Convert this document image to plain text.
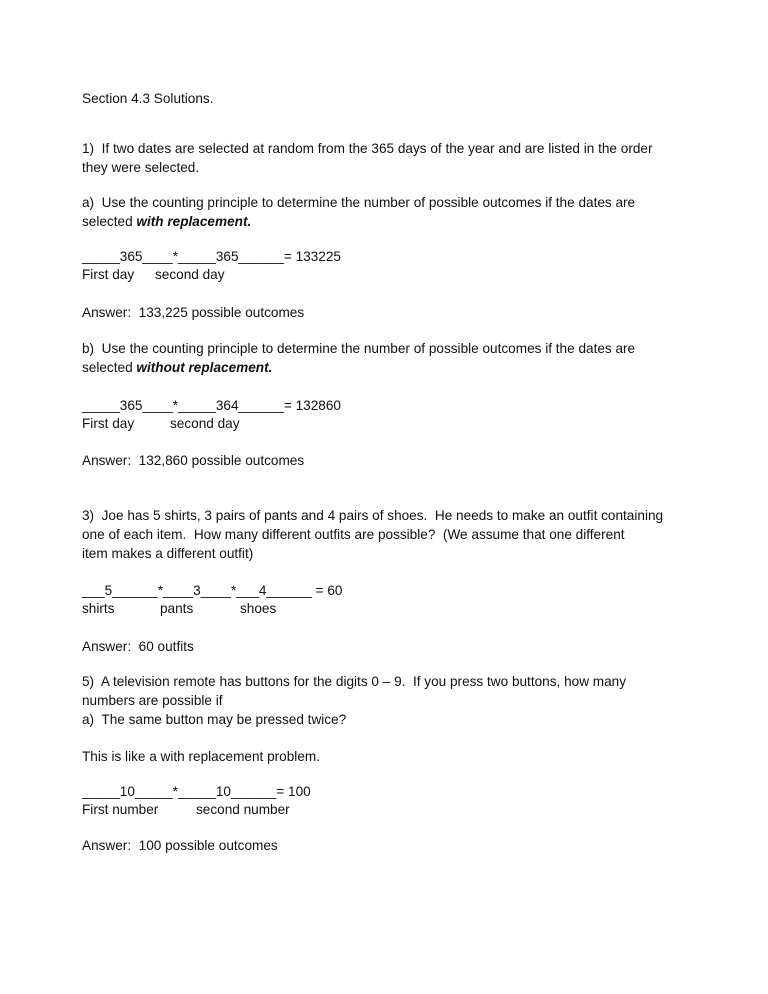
Section 4.3 Solutions.
1)  If two dates are selected at random from the 365 days of the year and are listed in the order
they were selected.
a)  Use the counting principle to determine the number of possible outcomes if the dates are
selected with replacement.
_____365____*_____365______= 133225
First day second day
Answer:  133,225 possible outcomes
b)  Use the counting principle to determine the number of possible outcomes if the dates are
selected without replacement.
_____365____*_____364______= 132860
First day	second day
Answer:  132,860 possible outcomes
3)  Joe has 5 shirts, 3 pairs of pants and 4 pairs of shoes.  He needs to make an outfit containing
one of each item.  How many different outfits are possible?  (We assume that one different
item makes a different outfit)
___5______*____3____*___4______ = 60
shirts	pants	shoes
Answer:  60 outfits
5)  A television remote has buttons for the digits 0 – 9.  If you press two buttons, how many
numbers are possible if
a)  The same button may be pressed twice?
This is like a with replacement problem.
_____10_____*_____10______= 100
First number	second number
Answer:  100 possible outcomes
